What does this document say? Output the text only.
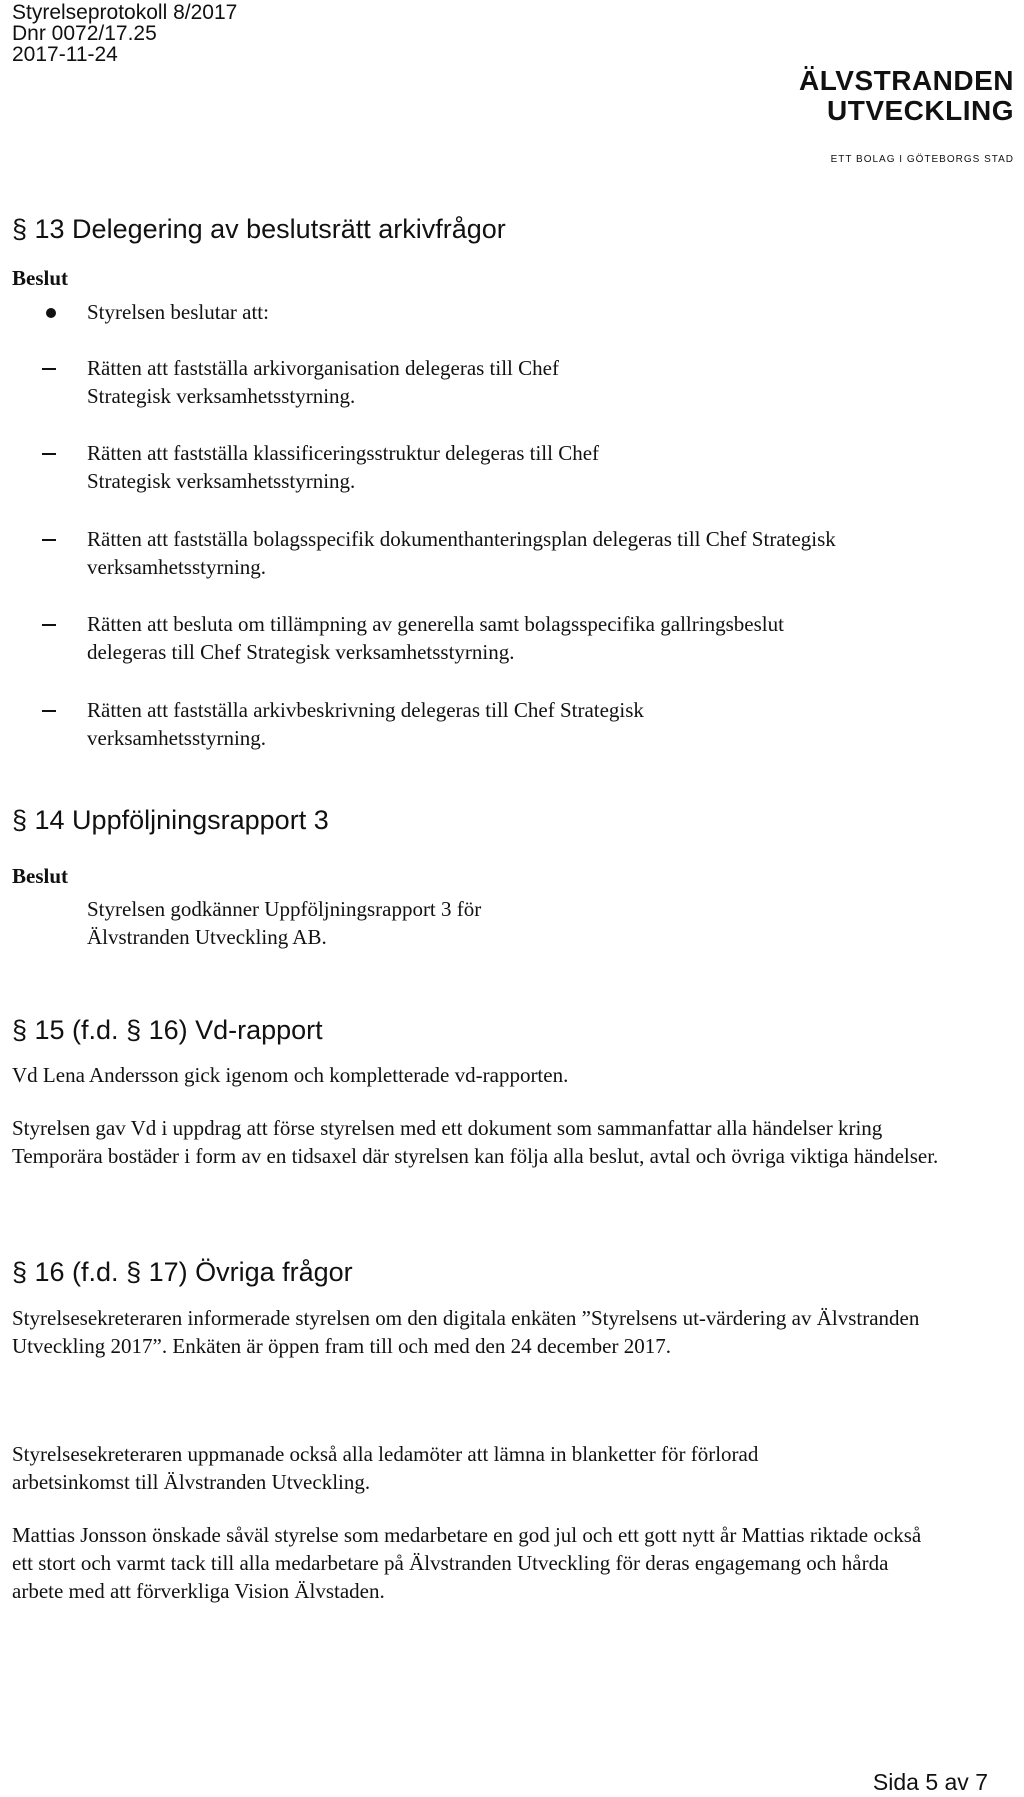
Styrelseprotokoll 8/2017
Dnr 0072/17.25
2017-11-24
ÄLVSTRANDEN
UTVECKLING
ETT BOLAG I GÖTEBORGS STAD
§ 13 Delegering av beslutsrätt arkivfrågor
Beslut
Styrelsen beslutar att:
Rätten att fastställa arkivorganisation delegeras till Chef Strategisk verksamhetsstyrning.
Rätten att fastställa klassificeringsstruktur delegeras till Chef Strategisk verksamhetsstyrning.
Rätten att fastställa bolagsspecifik dokumenthanteringsplan delegeras till Chef Strategisk verksamhetsstyrning.
Rätten att besluta om tillämpning av generella samt bolagsspecifika gallringsbeslut delegeras till Chef Strategisk verksamhetsstyrning.
Rätten att fastställa arkivbeskrivning delegeras till Chef Strategisk verksamhetsstyrning.
§ 14 Uppföljningsrapport 3
Beslut
Styrelsen godkänner Uppföljningsrapport 3 för Älvstranden Utveckling AB.
§ 15 (f.d. § 16) Vd-rapport
Vd Lena Andersson gick igenom och kompletterade vd-rapporten.
Styrelsen gav Vd i uppdrag att förse styrelsen med ett dokument som sammanfattar alla händelser kring Temporära bostäder i form av en tidsaxel där styrelsen kan följa alla beslut, avtal och övriga viktiga händelser.
§ 16 (f.d. § 17) Övriga frågor
Styrelsesekreteraren informerade styrelsen om den digitala enkäten ”Styrelsens ut-värdering av Älvstranden Utveckling 2017”. Enkäten är öppen fram till och med den 24 december 2017.
Styrelsesekreteraren uppmanade också alla ledamöter att lämna in blanketter för förlorad arbetsinkomst till Älvstranden Utveckling.
Mattias Jonsson önskade såväl styrelse som medarbetare en god jul och ett gott nytt år Mattias riktade också ett stort och varmt tack till alla medarbetare på Älvstranden Utveckling för deras engagemang och hårda arbete med att förverkliga Vision Älvstaden.
Sida 5 av 7
